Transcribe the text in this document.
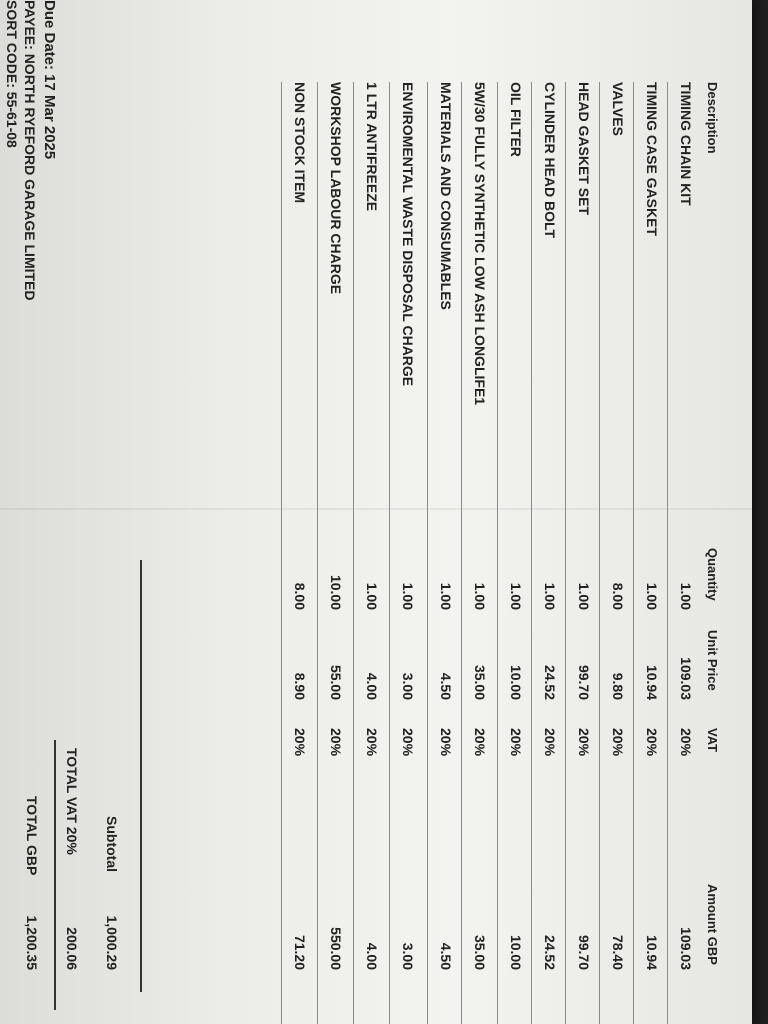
Description
Quantity
Unit Price
VAT
Amount GBP
TIMING CHAIN KIT
1.00
109.03
20%
109.03
TIMING CASE GASKET
1.00
10.94
20%
10.94
VALVES
8.00
9.80
20%
78.40
HEAD GASKET SET
1.00
99.70
20%
99.70
CYLINDER HEAD BOLT
1.00
24.52
20%
24.52
OIL FILTER
1.00
10.00
20%
10.00
5W/30 FULLY SYNTHETIC LOW ASH LONGLIFE1
1.00
35.00
20%
35.00
MATERIALS AND CONSUMABLES
1.00
4.50
20%
4.50
ENVIROMENTAL WASTE DISPOSAL CHARGE
1.00
3.00
20%
3.00
1 LTR ANTIFREEZE
1.00
4.00
20%
4.00
WORKSHOP LABOUR CHARGE
10.00
55.00
20%
550.00
NON STOCK ITEM
8.00
8.90
20%
71.20
Subtotal
1,000.29
TOTAL VAT 20%
200.06
TOTAL GBP
1,200.35
Due Date: 17 Mar 2025
PAYEE: NORTH RYEFORD GARAGE LIMITED
SORT CODE: 55-61-08
